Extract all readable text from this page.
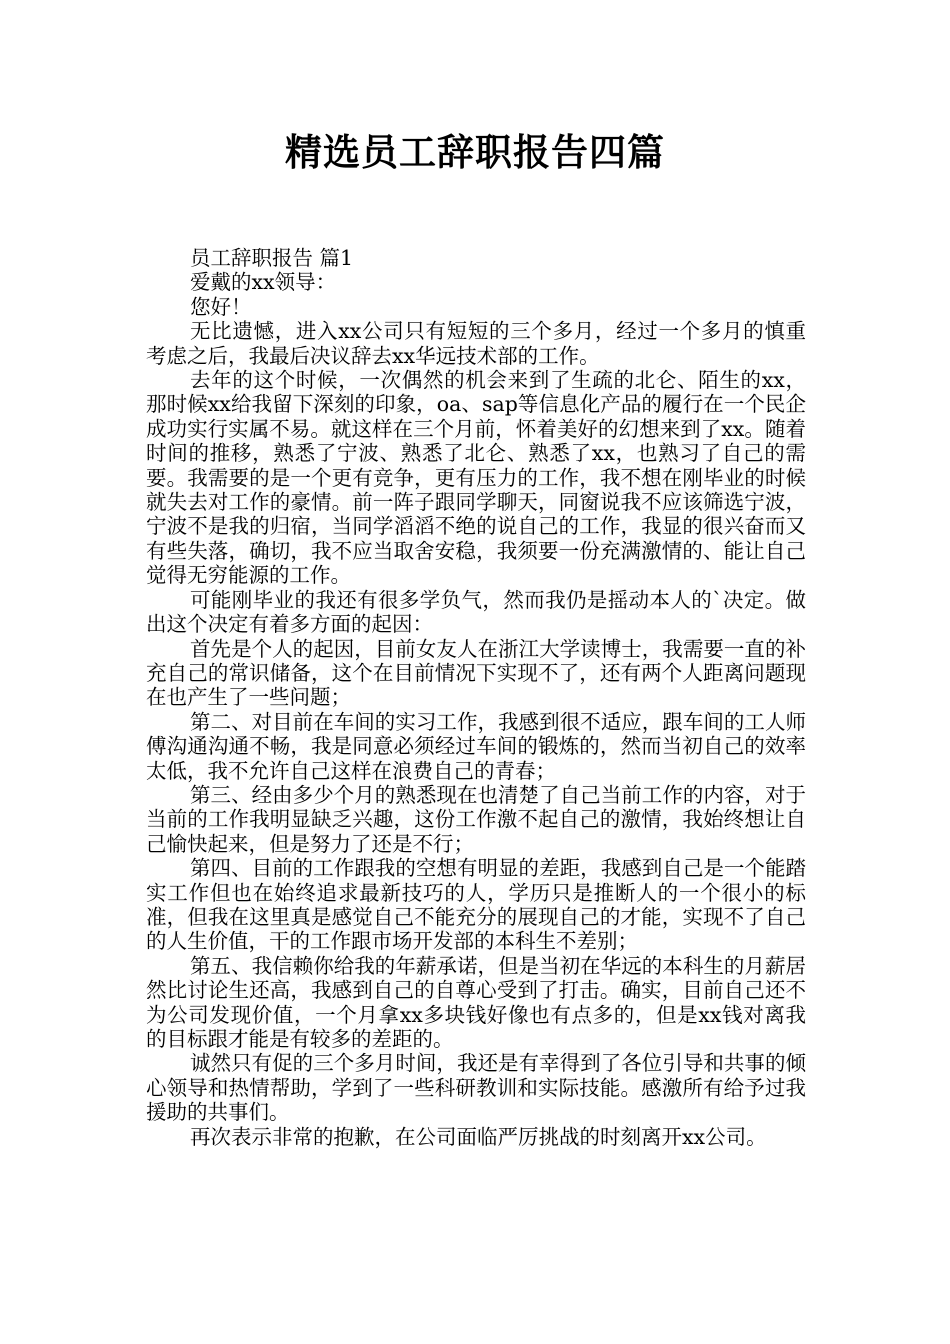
精选员工辞职报告四篇

员工辞职报告 篇1

爱戴的xx领导：

您好！

无比遗憾，进入xx公司只有短短的三个多月，经过一个多月的慎重考虑之后，我最后决议辞去xx华远技术部的工作。

去年的这个时候，一次偶然的机会来到了生疏的北仑、陌生的xx，那时候xx给我留下深刻的印象，oa、sap等信息化产品的履行在一个民企成功实行实属不易。就这样在三个月前，怀着美好的幻想来到了xx。随着时间的推移，熟悉了宁波、熟悉了北仑、熟悉了xx，也熟习了自己的需要。我需要的是一个更有竞争，更有压力的工作，我不想在刚毕业的时候就失去对工作的豪情。前一阵子跟同学聊天，同窗说我不应该筛选宁波，宁波不是我的归宿，当同学滔滔不绝的说自己的工作，我显的很兴奋而又有些失落，确切，我不应当取舍安稳，我须要一份充满激情的、能让自己觉得无穷能源的工作。

可能刚毕业的我还有很多学负气，然而我仍是摇动本人的`决定。做出这个决定有着多方面的起因：

首先是个人的起因，目前女友人在浙江大学读博士，我需要一直的补充自己的常识储备，这个在目前情况下实现不了，还有两个人距离问题现在也产生了一些问题；

第二、对目前在车间的实习工作，我感到很不适应，跟车间的工人师傅沟通沟通不畅，我是同意必须经过车间的锻炼的，然而当初自己的效率太低，我不允许自己这样在浪费自己的青春；

第三、经由多少个月的熟悉现在也清楚了自己当前工作的内容，对于当前的工作我明显缺乏兴趣，这份工作激不起自己的激情，我始终想让自己愉快起来，但是努力了还是不行；

第四、目前的工作跟我的空想有明显的差距，我感到自己是一个能踏实工作但也在始终追求最新技巧的人，学历只是推断人的一个很小的标准，但我在这里真是感觉自己不能充分的展现自己的才能，实现不了自己的人生价值，干的工作跟市场开发部的本科生不差别；

第五、我信赖你给我的年薪承诺，但是当初在华远的本科生的月薪居然比讨论生还高，我感到自己的自尊心受到了打击。确实，目前自己还不为公司发现价值，一个月拿xx多块钱好像也有点多的，但是xx钱对离我的目标跟才能是有较多的差距的。

诚然只有促的三个多月时间，我还是有幸得到了各位引导和共事的倾心领导和热情帮助，学到了一些科研教训和实际技能。感激所有给予过我援助的共事们。

再次表示非常的抱歉，在公司面临严厉挑战的时刻离开xx公司。
